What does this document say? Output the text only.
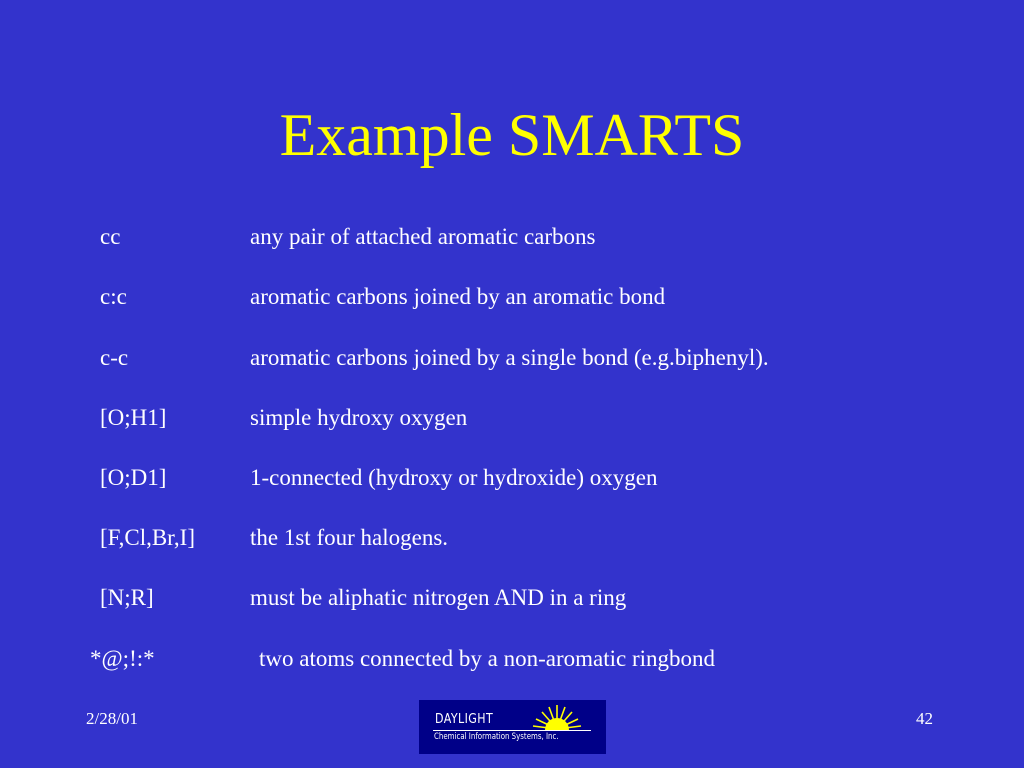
Example SMARTS
cc	any pair of attached aromatic carbons
c:c	aromatic carbons joined by an aromatic bond
c-c	aromatic carbons joined by a single bond (e.g.biphenyl).
[O;H1]	simple hydroxy oxygen
[O;D1]	1-connected (hydroxy or hydroxide) oxygen
[F,Cl,Br,I] the 1st four halogens.
[N;R]	must be aliphatic nitrogen AND in a ring
*@;!:*	two atoms connected by a non-aromatic ringbond
2/28/01	DAYLIGHT
Chemical Information Systems, Inc.
42
